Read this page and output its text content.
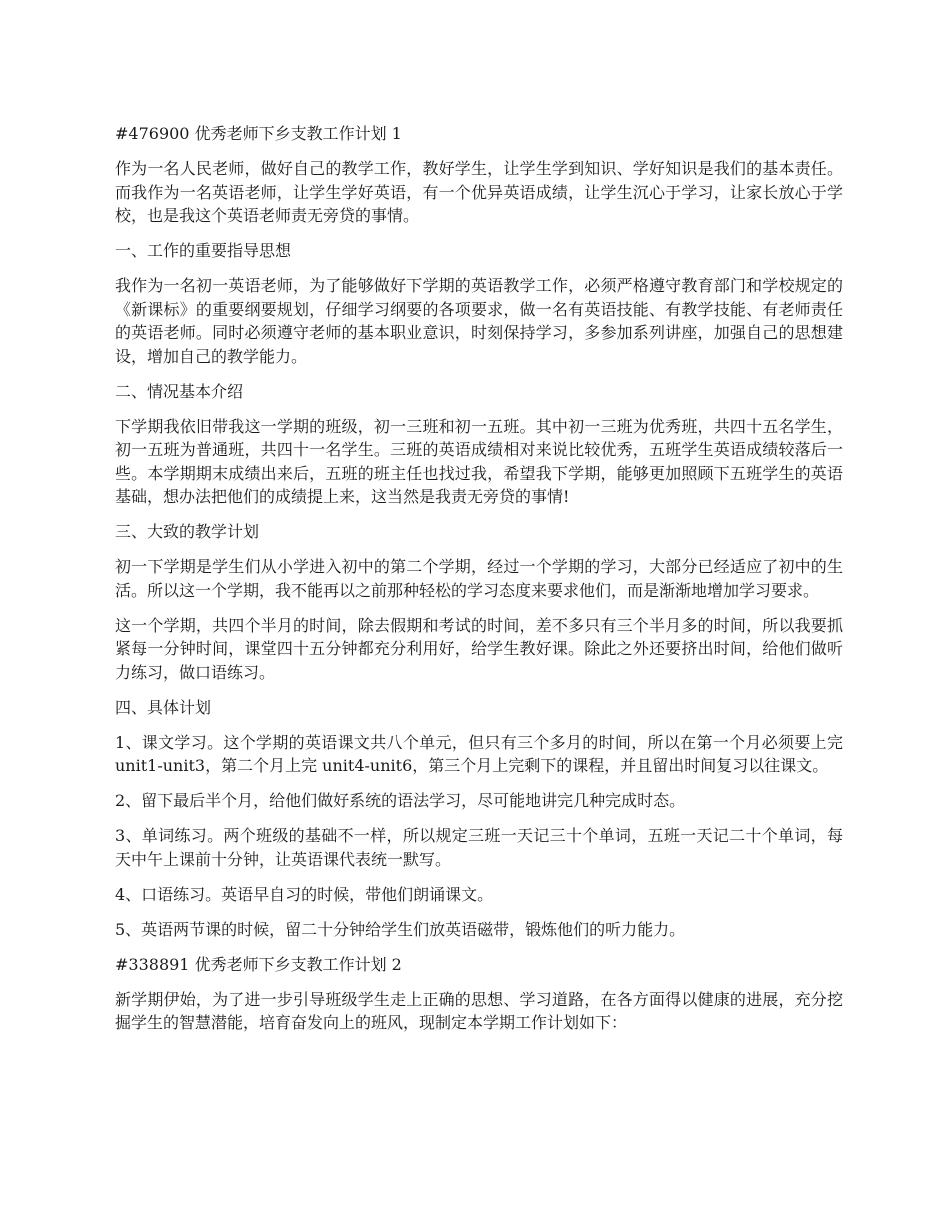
#476900 优秀老师下乡支教工作计划 1

作为一名人民老师，做好自己的教学工作，教好学生，让学生学到知识、学好知识是我们的基本责任。而我作为一名英语老师，让学生学好英语，有一个优异英语成绩，让学生沉心于学习，让家长放心于学校，也是我这个英语老师责无旁贷的事情。

一、工作的重要指导思想

我作为一名初一英语老师，为了能够做好下学期的英语教学工作，必须严格遵守教育部门和学校规定的《新课标》的重要纲要规划，仔细学习纲要的各项要求，做一名有英语技能、有教学技能、有老师责任的英语老师。同时必须遵守老师的基本职业意识，时刻保持学习，多参加系列讲座，加强自己的思想建设，增加自己的教学能力。

二、情况基本介绍

下学期我依旧带我这一学期的班级，初一三班和初一五班。其中初一三班为优秀班，共四十五名学生，初一五班为普通班，共四十一名学生。三班的英语成绩相对来说比较优秀，五班学生英语成绩较落后一些。本学期期末成绩出来后，五班的班主任也找过我，希望我下学期，能够更加照顾下五班学生的英语基础，想办法把他们的成绩提上来，这当然是我责无旁贷的事情!

三、大致的教学计划

初一下学期是学生们从小学进入初中的第二个学期，经过一个学期的学习，大部分已经适应了初中的生活。所以这一个学期，我不能再以之前那种轻松的学习态度来要求他们，而是渐渐地增加学习要求。

这一个学期，共四个半月的时间，除去假期和考试的时间，差不多只有三个半月多的时间，所以我要抓紧每一分钟时间，课堂四十五分钟都充分利用好，给学生教好课。除此之外还要挤出时间，给他们做听力练习，做口语练习。

四、具体计划

1、课文学习。这个学期的英语课文共八个单元，但只有三个多月的时间，所以在第一个月必须要上完 unit1-unit3，第二个月上完 unit4-unit6，第三个月上完剩下的课程，并且留出时间复习以往课文。

2、留下最后半个月，给他们做好系统的语法学习，尽可能地讲完几种完成时态。

3、单词练习。两个班级的基础不一样，所以规定三班一天记三十个单词，五班一天记二十个单词，每天中午上课前十分钟，让英语课代表统一默写。

4、口语练习。英语早自习的时候，带他们朗诵课文。

5、英语两节课的时候，留二十分钟给学生们放英语磁带，锻炼他们的听力能力。

#338891 优秀老师下乡支教工作计划 2

新学期伊始，为了进一步引导班级学生走上正确的思想、学习道路，在各方面得以健康的进展，充分挖掘学生的智慧潜能，培育奋发向上的班风，现制定本学期工作计划如下：
